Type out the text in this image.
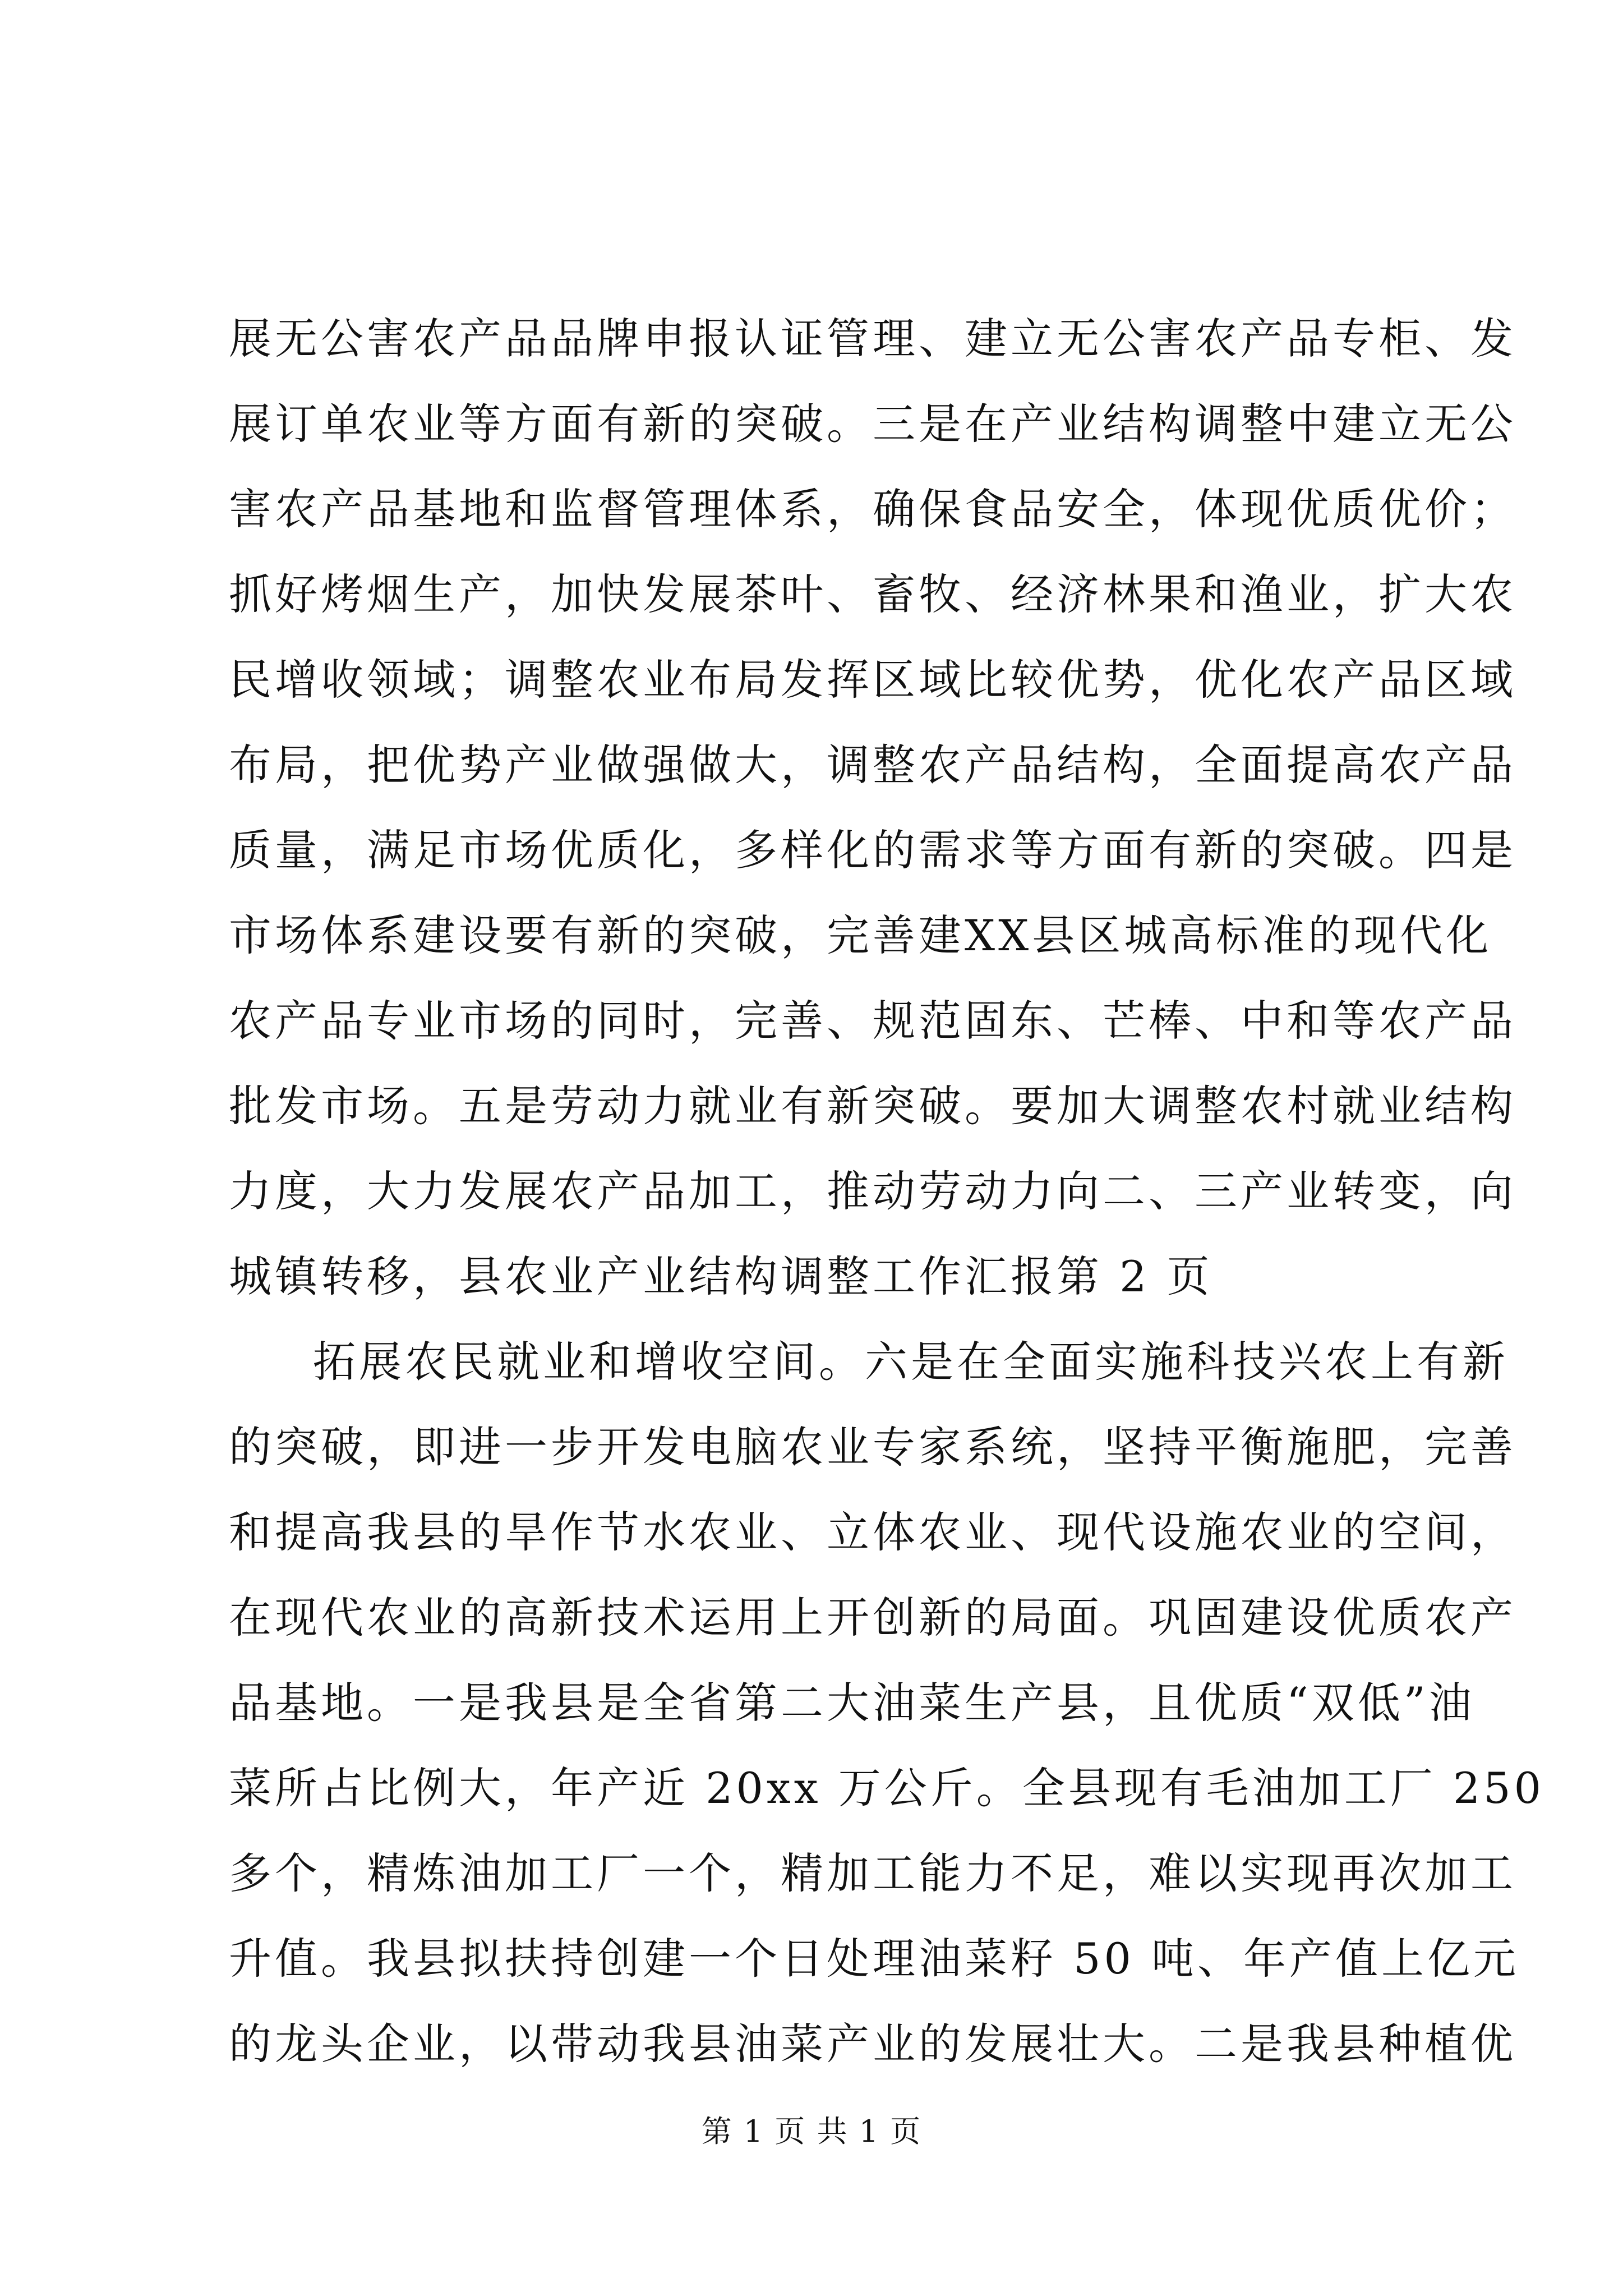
展无公害农产品品牌申报认证管理、建立无公害农产品专柜、发
展订单农业等方面有新的突破。三是在产业结构调整中建立无公
害农产品基地和监督管理体系，确保食品安全，体现优质优价；
抓好烤烟生产，加快发展茶叶、畜牧、经济林果和渔业，扩大农
民增收领域；调整农业布局发挥区域比较优势，优化农产品区域
布局，把优势产业做强做大，调整农产品结构，全面提高农产品
质量，满足市场优质化，多样化的需求等方面有新的突破。四是
市场体系建设要有新的突破，完善建XX县区城高标准的现代化
农产品专业市场的同时，完善、规范固东、芒棒、中和等农产品
批发市场。五是劳动力就业有新突破。要加大调整农村就业结构
力度，大力发展农产品加工，推动劳动力向二、三产业转变，向
城镇转移，县农业产业结构调整工作汇报第 2 页
拓展农民就业和增收空间。六是在全面实施科技兴农上有新
的突破，即进一步开发电脑农业专家系统，坚持平衡施肥，完善
和提高我县的旱作节水农业、立体农业、现代设施农业的空间，
在现代农业的高新技术运用上开创新的局面。巩固建设优质农产
品基地。一是我县是全省第二大油菜生产县，且优质“双低”油
菜所占比例大，年产近 20xx 万公斤。全县现有毛油加工厂 250
多个，精炼油加工厂一个，精加工能力不足，难以实现再次加工
升值。我县拟扶持创建一个日处理油菜籽 50 吨、年产值上亿元
的龙头企业，以带动我县油菜产业的发展壮大。二是我县种植优
第 1 页 共 1 页
